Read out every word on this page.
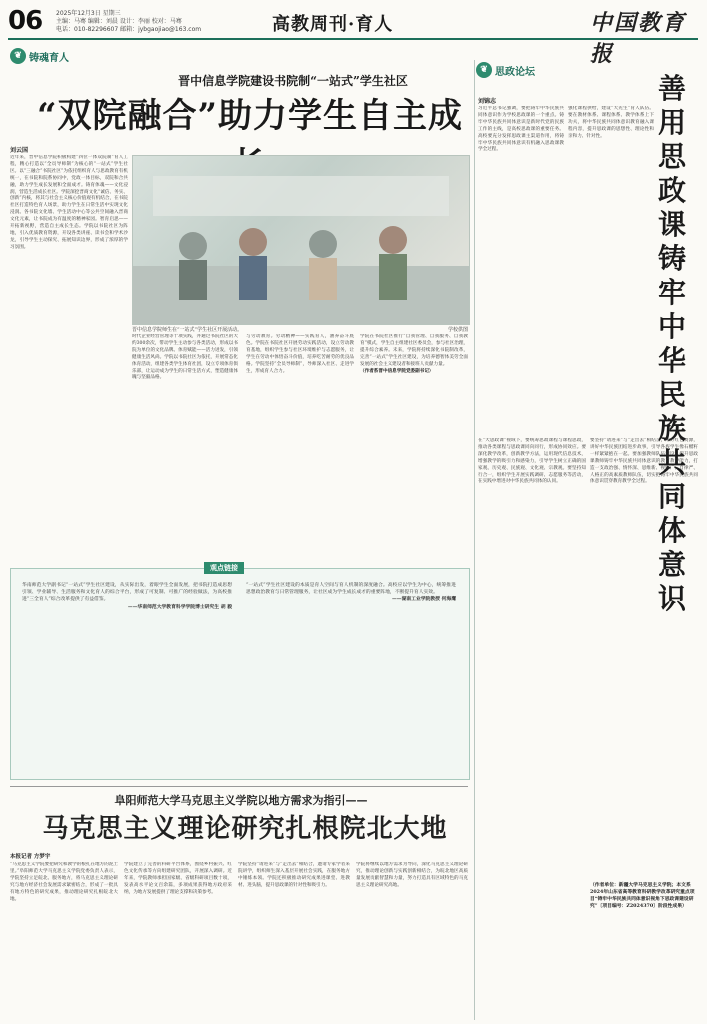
06 2025年12月3日 星期三
主编：马骞 编辑：刘晨 设计：李丽 校对：马骞
电话：010-82296607 邮箱：jybgaojiao@163.com	高教周刊·育人	中国教育报
❦ 铸魂育人
❦ 思政论坛
晋中信息学院建设书院制“一站式”学生社区
“双院融合”助力学生自主成
刘云国
近年来，晋中信息学院积极构建“四位一体双院制”育人工程，精心打造以“全员导师制”为核心的“一站式”学生社区。以“三融合”书院社区”为依托组织育人与思政教育有机统一，在书院和院系协同中，党政一体目标，双院和合共融，助力学生成长发展和全面成才。铸育体魂——文化浸润，营造生活成长社区。学院深挖晋商文化“诚信、务实、创新”内核，将其与社会主义核心价值观有机结合，在书院社区打造特色育人场景，助力学生在日常生活中实现文化浸润。各书院文化墙、学生活动中心等公共空间融入晋商文化元素，让书院成为有温度的精神家园。智育启思——开拓新视野，营造自主成长生态。学院以书院社区为阵地，引入优质教育资源，开设各类讲座、读书会和学术沙龙，引导学生主动探究、拓展知识边界，形成了浓厚的学习氛围。
晋中信息学院师生在“一站式”学生社区开展活动。	学校供图
时代企业经营管理等十项实践，并通过书院社区的大约300余次，带动学生主动参与各类活动，形成以书院为单位的文化品牌。体育赋能——活力迸发，引领健康生活风尚。学院以书院社区为依托，开展常态化体育活动，组建各类学生体育社团，设立专项体育俱乐部，让运动成为学生的日常生活方式，塑造健康体魄与坚毅品格。
与劳动教育。劳动精神——实践育人，涵养奋斗底色。学院在书院社区开展劳动实践活动，设立劳动教育基地，组织学生参与社区环境维护与志愿服务，让学生在劳动中体悟奋斗价值，培养吃苦耐劳的优良品格。学院坚持“全员导师制”，导师深入社区、走进学生，形成育人合力。
学院在书院社区推行“自我管理、自我服务、自我教育”模式，学生自主组建社区委员会，参与社区治理，提升综合素养。未来，学院将持续深化书院制改革，完善“一站式”学生社区建设，为培养德智体美劳全面发展的社会主义建设者和接班人贡献力量。
（作者系晋中信息学院党委副书记）
观点链接
华南师范大学副书记“一站式”学生社区建设，从实际出发，着眼学生全面发展，把书院打造成思想引领、学业辅导、生活服务和文化育人的综合平台，形成了可复制、可推广的经验做法，为高校推进“三全育人”综合改革提供了有益借鉴。
——华南师范大学教育科学学院博士研究生 胡 毅
“一站式”学生社区建设的本质是育人空间与育人机制的深度融合。高校应以学生为中心，统筹推进思想政治教育与日常管理服务，让社区成为学生成长成才的重要阵地，不断提升育人实效。
——湖南工业学院教授 何海鹰
阜阳师范大学马克思主义学院以地方需求为指引——
马克思主义理论研究扎根院北大地
本报记者 方梦宇
“马克思主义学院要把研究和教学的根扎在地方的泥土里。”阜阳师范大学马克思主义学院党委负责人表示，学院坚持立足皖北、服务地方，将马克思主义理论研究与地方经济社会发展需求紧密结合，形成了一批具有地方特色的研究成果，推动理论研究扎根皖北大地。
学院建立了完善的科研平台体系，围绕乡村振兴、红色文化传承等方向组建研究团队，开展深入调研。近年来，学院教师承担国家级、省级科研项目数十项，发表高水平论文百余篇，多项成果获得地方政府采纳，为地方发展提供了理论支撑和决策参考。
学院坚持“请进来”与“走出去”相结合，邀请专家学者来院讲学，组织师生深入基层开展社会实践，在服务地方中锤炼本领。学院还积极推动研究成果进课堂、进教材、进头脑，提升思政课的针对性和吸引力。
学院将继续以地方需求为导向，深化马克思主义理论研究，推动理论创新与实践创新相结合，为皖北地区高质量发展贡献智慧和力量，努力打造具有区域特色的马克思主义理论研究高地。
刘锦志	善用思政课铸牢中华民族共同体意识
习近平总书记强调，要把铸牢中华民族共同体意识作为学校思政课的一个重点。铸牢中华民族共同体意识是新时代党的民族工作的主线，是高校思政课的重要任务。高校要充分发挥思政课主渠道作用，将铸牢中华民族共同体意识有机融入思政课教学全过程。
强化课程供给，建设“大先生”育人队伍。要在教材体系、课程体系、教学体系上下功夫，将中华民族共同体意识教育融入课程内容，提升思政课的思想性、理论性和亲和力、针对性。
在“大思政课”视域下，要统筹思政课程与课程思政，推动各类课程与思政课同向同行，形成协同效应。要深化教学改革，创新教学方法，运用现代信息技术，增强教学的吸引力和感染力，引导学生树立正确的国家观、历史观、民族观、文化观、宗教观。要坚持知行合一，组织学生开展实践调研、志愿服务等活动，在实践中增进对中华民族共同体的认同。
要坚持“请进来”与“走出去”相结合，用好红色资源，讲好中华民族团结进步故事，引导各族学生像石榴籽一样紧紧抱在一起。要加强教师队伍建设，提升思政课教师铸牢中华民族共同体意识的教育教学能力，打造一支政治强、情怀深、思维新、视野广、自律严、人格正的高素质教师队伍，切实把铸牢中华民族共同体意识贯穿教育教学全过程。
（作者单位：新疆大学马克思主义学院；本文系2024年山东省高等教育科研教学改革研究重点项目“铸牢中华民族共同体意识视角下思政课建设研究”〔项目编号：Z2024370〕阶段性成果）
